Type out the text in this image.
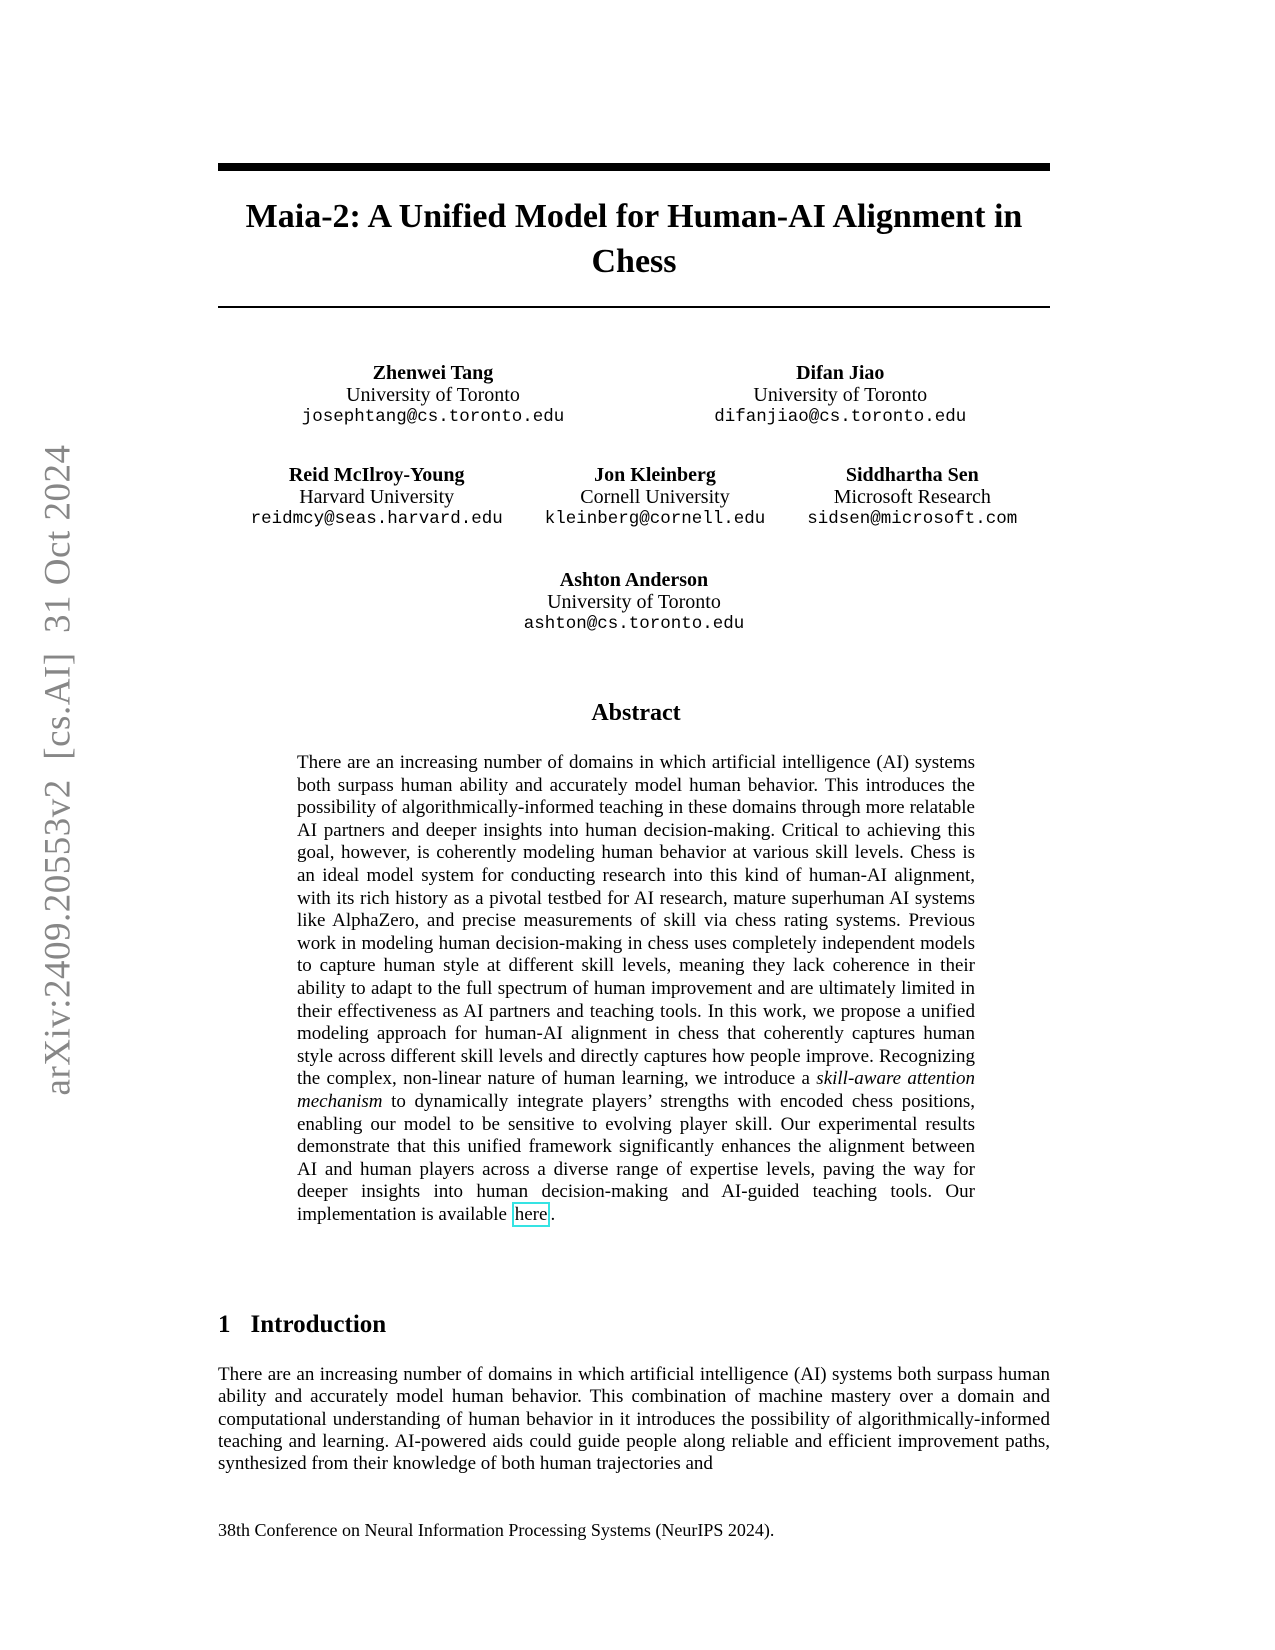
arXiv:2409.20553v2  [cs.AI]  31 Oct 2024
Maia-2: A Unified Model for Human-AI Alignment in
Chess
Zhenwei Tang
University of Toronto
josephtang@cs.toronto.edu
Difan Jiao
University of Toronto
difanjiao@cs.toronto.edu
Reid McIlroy-Young
Harvard University
reidmcy@seas.harvard.edu
Jon Kleinberg
Cornell University
kleinberg@cornell.edu
Siddhartha Sen
Microsoft Research
sidsen@microsoft.com
Ashton Anderson
University of Toronto
ashton@cs.toronto.edu
Abstract
There are an increasing number of domains in which artificial intelligence (AI) systems both surpass human ability and accurately model human behavior. This introduces the possibility of algorithmically-informed teaching in these domains through more relatable AI partners and deeper insights into human decision-making. Critical to achieving this goal, however, is coherently modeling human behavior at various skill levels. Chess is an ideal model system for conducting research into this kind of human-AI alignment, with its rich history as a pivotal testbed for AI research, mature superhuman AI systems like AlphaZero, and precise measurements of skill via chess rating systems. Previous work in modeling human decision-making in chess uses completely independent models to capture human style at different skill levels, meaning they lack coherence in their ability to adapt to the full spectrum of human improvement and are ultimately limited in their effectiveness as AI partners and teaching tools. In this work, we propose a unified modeling approach for human-AI alignment in chess that coherently captures human style across different skill levels and directly captures how people improve. Recognizing the complex, non-linear nature of human learning, we introduce a skill-aware attention mechanism to dynamically integrate players’ strengths with encoded chess positions, enabling our model to be sensitive to evolving player skill. Our experimental results demonstrate that this unified framework significantly enhances the alignment between AI and human players across a diverse range of expertise levels, paving the way for deeper insights into human decision-making and AI-guided teaching tools. Our implementation is available here .
1 Introduction
There are an increasing number of domains in which artificial intelligence (AI) systems both surpass human ability and accurately model human behavior. This combination of machine mastery over a domain and computational understanding of human behavior in it introduces the possibility of algorithmically-informed teaching and learning. AI-powered aids could guide people along reliable and efficient improvement paths, synthesized from their knowledge of both human trajectories and
38th Conference on Neural Information Processing Systems (NeurIPS 2024).
